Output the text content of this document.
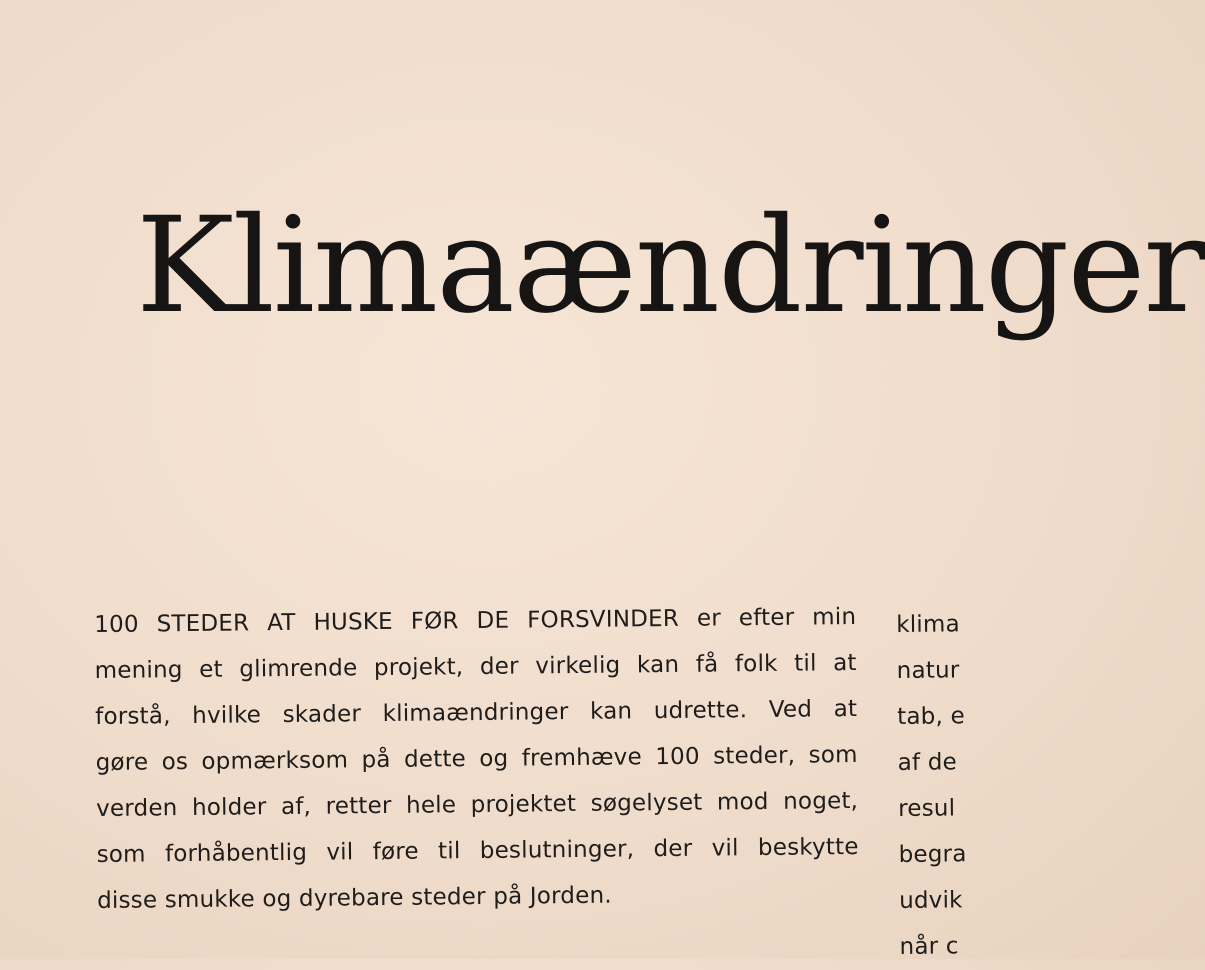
Klimaændringer
100 STEDER AT HUSKE FØR DE FORSVINDER er efter min
mening et glimrende projekt, der virkelig kan få folk til at
forstå, hvilke skader klimaændringer kan udrette. Ved at
gøre os opmærksom på dette og fremhæve 100 steder, som
verden holder af, retter hele projektet søgelyset mod noget,
som forhåbentlig vil føre til beslutninger, der vil beskytte
disse smukke og dyrebare steder på Jorden.
klima
natur
tab, e
af de
resul
begra
udvik
når c
